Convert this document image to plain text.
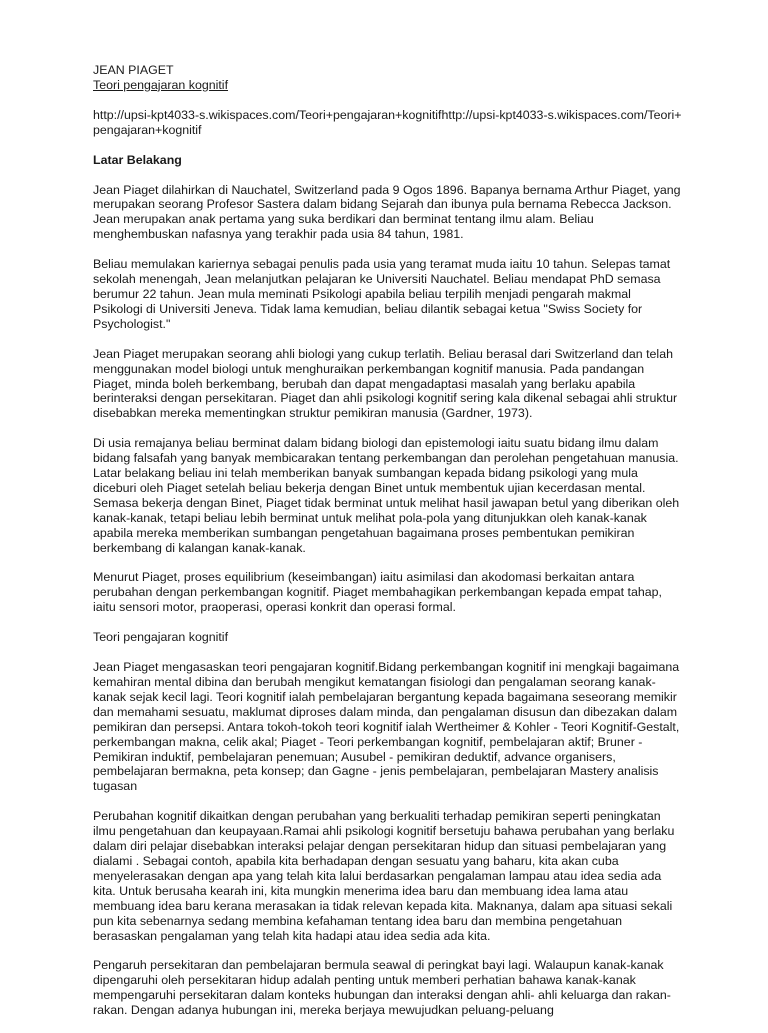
JEAN PIAGET
Teori pengajaran kognitif
http://upsi-kpt4033-s.wikispaces.com/Teori+pengajaran+kognitifhttp://upsi-kpt4033-s.wikispaces.com/Teori+pengajaran+kognitif

Latar Belakang

Jean Piaget dilahirkan di Nauchatel, Switzerland pada 9 Ogos 1896. Bapanya bernama Arthur Piaget, yang merupakan seorang Profesor Sastera dalam bidang Sejarah dan ibunya pula bernama Rebecca Jackson. Jean merupakan anak pertama yang suka berdikari dan berminat tentang ilmu alam. Beliau menghembuskan nafasnya yang terakhir pada usia 84 tahun, 1981.

Beliau memulakan kariernya sebagai penulis pada usia yang teramat muda iaitu 10 tahun. Selepas tamat sekolah menengah, Jean melanjutkan pelajaran ke Universiti Nauchatel. Beliau mendapat PhD semasa berumur 22 tahun. Jean mula meminati Psikologi apabila beliau terpilih menjadi pengarah makmal Psikologi di Universiti Jeneva. Tidak lama kemudian, beliau dilantik sebagai ketua "Swiss Society for Psychologist."

Jean Piaget merupakan seorang ahli biologi yang cukup terlatih. Beliau berasal dari Switzerland dan telah menggunakan model biologi untuk menghuraikan perkembangan kognitif manusia. Pada pandangan Piaget, minda boleh berkembang, berubah dan dapat mengadaptasi masalah yang berlaku apabila berinteraksi dengan persekitaran. Piaget dan ahli psikologi kognitif sering kala dikenal sebagai ahli struktur disebabkan mereka mementingkan struktur pemikiran manusia (Gardner, 1973).

Di usia remajanya beliau berminat dalam bidang biologi dan epistemologi iaitu suatu bidang ilmu dalam bidang falsafah yang banyak membicarakan tentang perkembangan dan perolehan pengetahuan manusia. Latar belakang beliau ini telah memberikan banyak sumbangan kepada bidang psikologi yang mula diceburi oleh Piaget setelah beliau bekerja dengan Binet untuk membentuk ujian kecerdasan mental. Semasa bekerja dengan Binet, Piaget tidak berminat untuk melihat hasil jawapan betul yang diberikan oleh kanak-kanak, tetapi beliau lebih berminat untuk melihat pola-pola yang ditunjukkan oleh kanak-kanak apabila mereka memberikan sumbangan pengetahuan bagaimana proses pembentukan pemikiran berkembang di kalangan kanak-kanak.

Menurut Piaget, proses equilibrium (keseimbangan) iaitu asimilasi dan akodomasi berkaitan antara perubahan dengan perkembangan kognitif. Piaget membahagikan perkembangan kepada empat tahap, iaitu sensori motor, praoperasi, operasi konkrit dan operasi formal.

Teori pengajaran kognitif

Jean Piaget mengasaskan teori pengajaran kognitif.Bidang perkembangan kognitif ini mengkaji bagaimana kemahiran mental dibina dan berubah mengikut kematangan fisiologi dan pengalaman seorang kanak-kanak sejak kecil lagi. Teori kognitif ialah pembelajaran bergantung kepada bagaimana seseorang memikir dan memahami sesuatu, maklumat diproses dalam minda, dan pengalaman disusun dan dibezakan dalam pemikiran dan persepsi. Antara tokoh-tokoh teori kognitif ialah Wertheimer & Kohler - Teori Kognitif-Gestalt, perkembangan makna, celik akal; Piaget - Teori perkembangan kognitif, pembelajaran aktif; Bruner - Pemikiran induktif, pembelajaran penemuan; Ausubel - pemikiran deduktif, advance organisers, pembelajaran bermakna, peta konsep; dan Gagne - jenis pembelajaran, pembelajaran Mastery analisis tugasan

Perubahan kognitif dikaitkan dengan perubahan yang berkualiti terhadap pemikiran seperti peningkatan ilmu pengetahuan dan keupayaan.Ramai ahli psikologi kognitif bersetuju bahawa perubahan yang berlaku dalam diri pelajar disebabkan interaksi pelajar dengan persekitaran hidup dan situasi pembelajaran yang dialami . Sebagai contoh, apabila kita berhadapan dengan sesuatu yang baharu, kita akan cuba menyelerasakan dengan apa yang telah kita lalui berdasarkan pengalaman lampau atau idea sedia ada kita. Untuk berusaha kearah ini, kita mungkin menerima idea baru dan membuang idea lama atau membuang idea baru kerana merasakan ia tidak relevan kepada kita. Maknanya, dalam apa situasi sekali pun kita sebenarnya sedang membina kefahaman tentang idea baru dan membina pengetahuan berasaskan pengalaman yang telah kita hadapi atau idea sedia ada kita.

Pengaruh persekitaran dan pembelajaran bermula seawal di peringkat bayi lagi. Walaupun kanak-kanak dipengaruhi oleh persekitaran hidup adalah penting untuk memberi perhatian bahawa kanak-kanak mempengaruhi persekitaran dalam konteks hubungan dan interaksi dengan ahli- ahli keluarga dan rakan-rakan. Dengan adanya hubungan ini, mereka berjaya mewujudkan peluang-peluang
